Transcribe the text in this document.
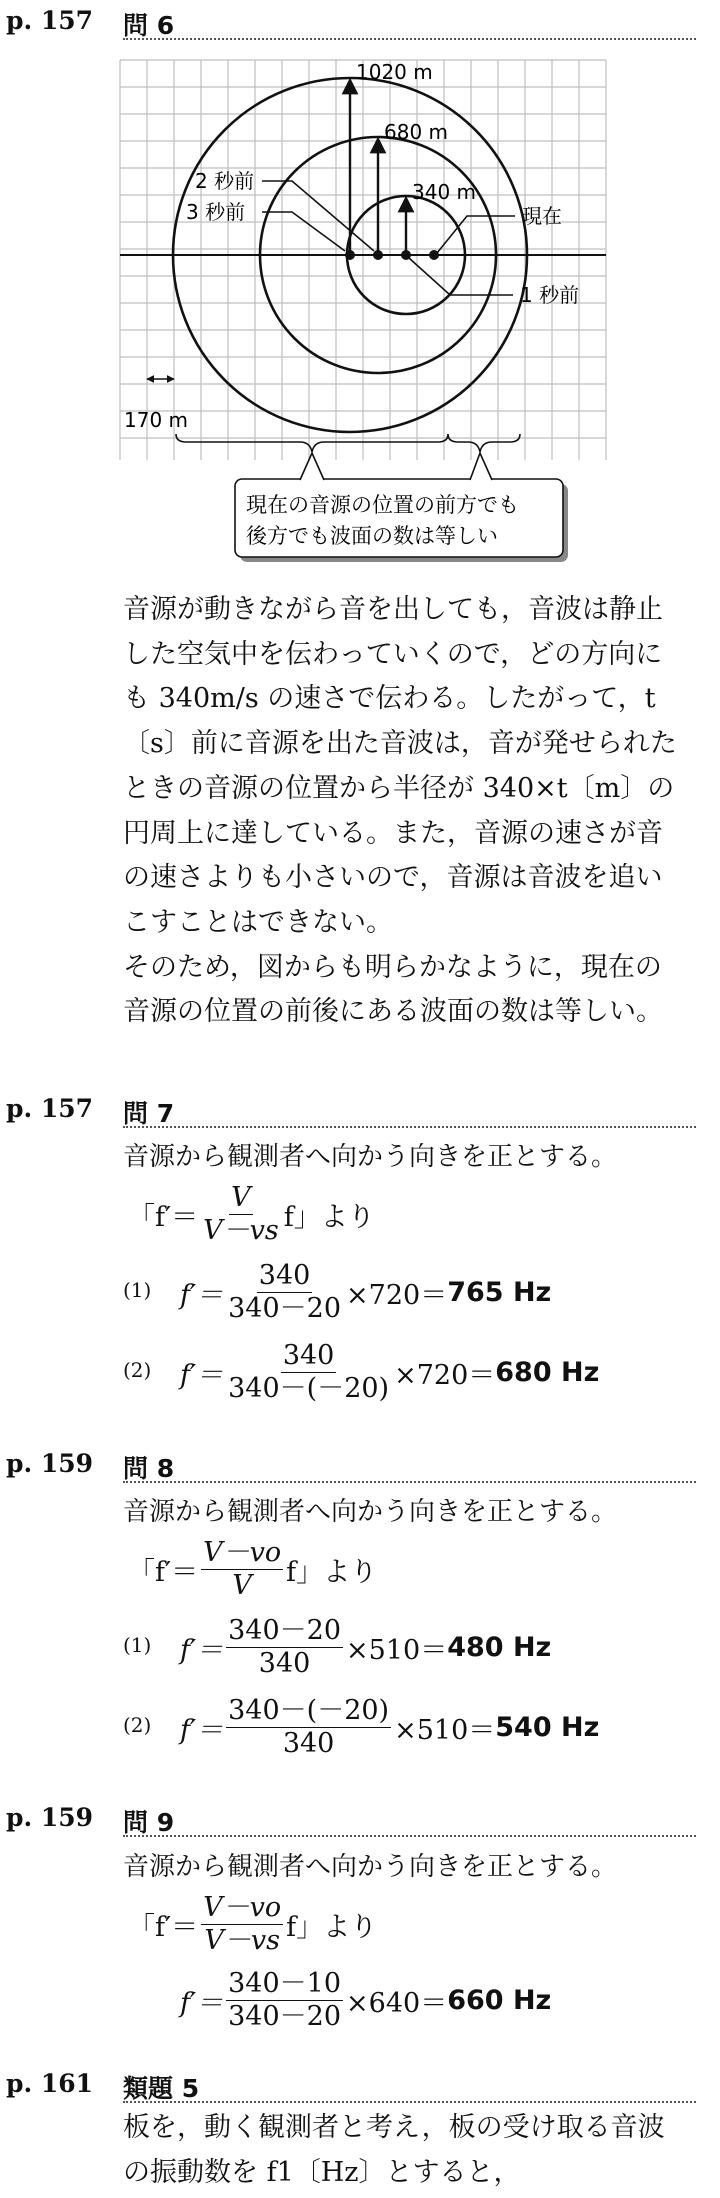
p. 157 問 6
1020 m
680 m
340 m
2 秒前
3 秒前	現在
1 秒前
170 m
現在の音源の位置の前方でも
後方でも波面の数は等しい
音源が動きながら音を出しても，音波は静止
した空気中を伝わっていくので，どの方向に
も 340m/s の速さで伝わる。したがって，t
〔s〕前に音源を出た音波は，音が発せられた
ときの音源の位置から半径が 340×t〔m〕の
円周上に達している。また，音源の速さが音
の速さよりも小さいので，音源は音波を追い
こすことはできない。
そのため，図からも明らかなように，現在の
音源の位置の前後にある波面の数は等しい。
p. 157 問 7
音源から観測者へ向かう向きを正とする。
「$f'= \frac{V}{V-vs}$ f」より
(1) $f'= \frac{340}{340-20} \times 720= 765$ Hz
(2) $f'= \frac{340}{340-(-20)} \times 720= 680$ Hz
p. 159 問 8
音源から観測者へ向かう向きを正とする。
「$f'= \frac{V-vo}{V}$ f」より
(1) $f'= \frac{340-20}{340} \times 510= 480$ Hz
(2) $f'= \frac{340-(-20)}{340} \times 510= 540$ Hz
p. 159 問 9
音源から観測者へ向かう向きを正とする。
「$f'= \frac{V-vo}{V-vs}$ f」より
$f'= \frac{340-10}{340-20} \times 640= 660$ Hz
p. 161 類題 5
板を，動く観測者と考え，板の受け取る音波
の振動数を f1〔Hz〕とすると，
